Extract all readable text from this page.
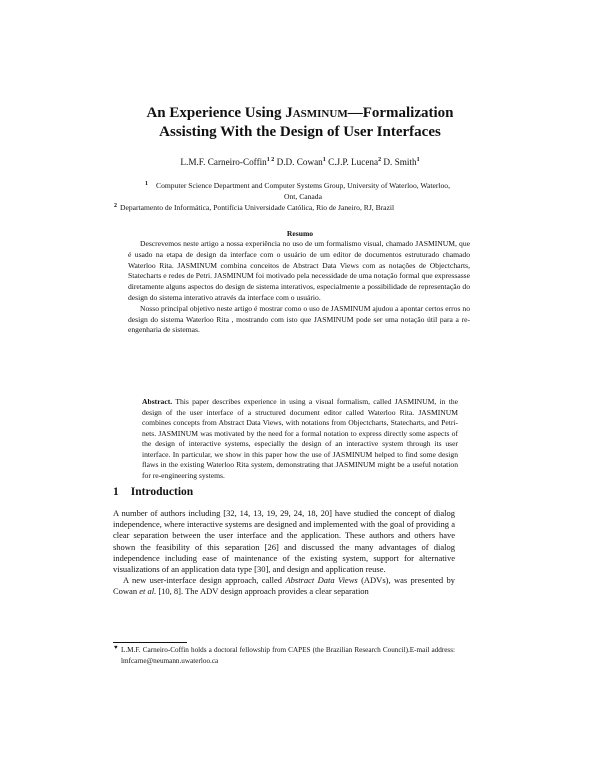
An Experience Using Jasminum—Formalization
Assisting With the Design of User Interfaces
L.M.F. Carneiro-Coffin$^{1 2}$ D.D. Cowan$^1$ C.J.P. Lucena$^2$ D. Smith$^1$
1	Computer Science Department and Computer Systems Group, University of Waterloo, Waterloo, Ont, Canada
2 Departamento de Informática, Pontifícia Universidade Católica, Rio de Janeiro, RJ, Brazil
Resumo

Descrevemos neste artigo a nossa experiência no uso de um formalismo visual, chamado JASMINUM, que é usado na etapa de design da interface com o usuário de um editor de documentos estruturado chamado Waterloo Rita. JASMINUM combina conceitos de Abstract Data Views com as notações de Objectcharts, Statecharts e redes de Petri. JASMINUM foi motivado pela necessidade de uma notação formal que expressasse diretamente alguns aspectos do design de sistema interativos, especialmente a possibilidade de representação do design do sistema interativo através da interface com o usuário.

Nosso principal objetivo neste artigo é mostrar como o uso de JASMINUM ajudou a apontar certos erros no design do sistema Waterloo Rita , mostrando com isto que JASMINUM pode ser uma notação útil para a re-engenharia de sistemas.

Abstract. This paper describes experience in using a visual formalism, called JASMINUM, in the design of the user interface of a structured document editor called Waterloo Rita. JASMINUM combines concepts from Abstract Data Views, with notations from Objectcharts, Statecharts, and Petri-nets. JASMINUM was motivated by the need for a formal notation to express directly some aspects of the design of interactive systems, especially the design of an interactive system through its user interface. In particular, we show in this paper how the use of JASMINUM helped to find some design flaws in the existing Waterloo Rita system, demonstrating that JASMINUM might be a useful notation for re-engineering systems.
1 Introduction

A number of authors including [32, 14, 13, 19, 29, 24, 18, 20] have studied the concept of dialog independence, where interactive systems are designed and implemented with the goal of providing a clear separation between the user interface and the application. These authors and others have shown the feasibility of this separation [26] and discussed the many advantages of dialog independence including ease of maintenance of the existing system, support for alternative visualizations of an application data type [30], and design and application reuse.

A new user-interface design approach, called Abstract Data Views (ADVs), was presented by Cowan et al. [10, 8]. The ADV design approach provides a clear separation

♥ L.M.F. Carneiro-Coffin holds a doctoral fellowship from CAPES (the Brazilian Research Council).E-mail address: lmfcarne@neumann.uwaterloo.ca
